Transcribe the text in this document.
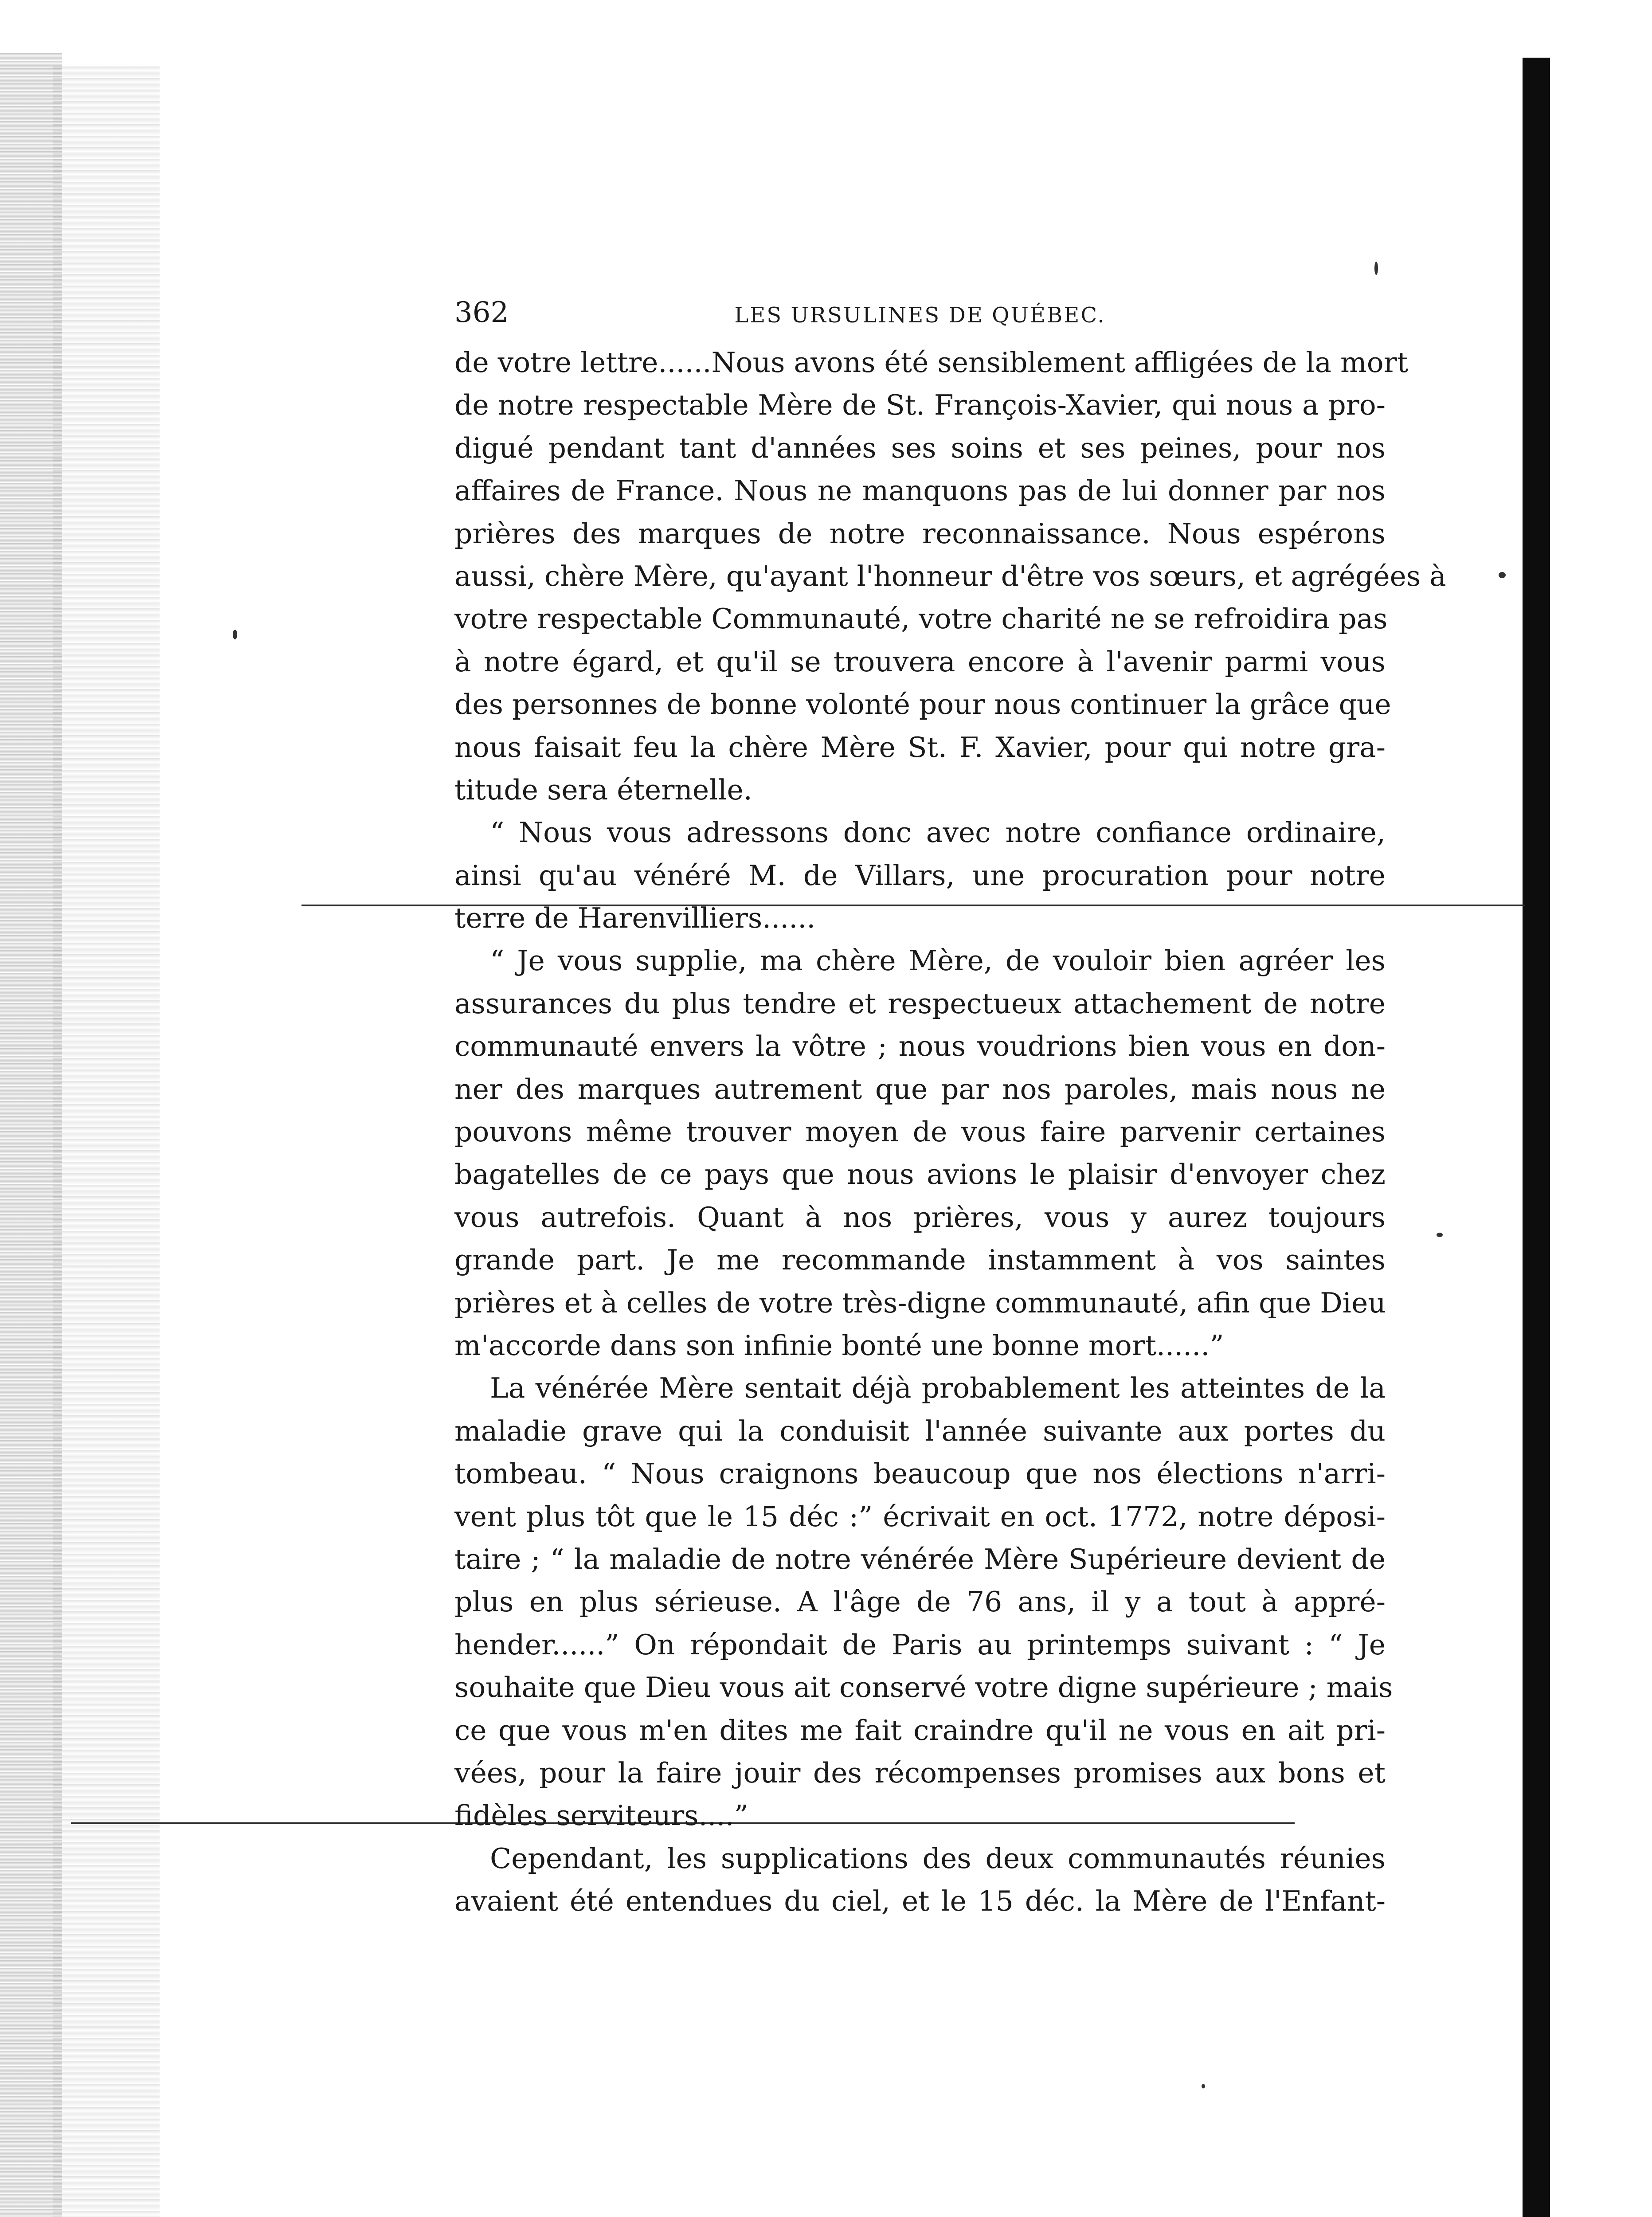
362	LES URSULINES DE QUÉBEC.
de votre lettre......Nous avons été sensiblement affligées de la mort
de notre respectable Mère de St. François-Xavier, qui nous a pro-
digué pendant tant d'années ses soins et ses peines, pour nos
affaires de France. Nous ne manquons pas de lui donner par nos
prières des marques de notre reconnaissance. Nous espérons
aussi, chère Mère, qu'ayant l'honneur d'être vos sœurs, et agrégées à
votre respectable Communauté, votre charité ne se refroidira pas
à notre égard, et qu'il se trouvera encore à l'avenir parmi vous
des personnes de bonne volonté pour nous continuer la grâce que
nous faisait feu la chère Mère St. F. Xavier, pour qui notre gra-
titude sera éternelle.
“ Nous vous adressons donc avec notre confiance ordinaire,
ainsi qu'au vénéré M. de Villars, une procuration pour notre
terre de Harenvilliers......
“ Je vous supplie, ma chère Mère, de vouloir bien agréer les
assurances du plus tendre et respectueux attachement de notre
communauté envers la vôtre ; nous voudrions bien vous en don-
ner des marques autrement que par nos paroles, mais nous ne
pouvons même trouver moyen de vous faire parvenir certaines
bagatelles de ce pays que nous avions le plaisir d'envoyer chez
vous autrefois. Quant à nos prières, vous y aurez toujours
grande part. Je me recommande instamment à vos saintes
prières et à celles de votre très-digne communauté, afin que Dieu
m'accorde dans son infinie bonté une bonne mort......”
La vénérée Mère sentait déjà probablement les atteintes de la
maladie grave qui la conduisit l'année suivante aux portes du
tombeau. “ Nous craignons beaucoup que nos élections n'arri-
vent plus tôt que le 15 déc :” écrivait en oct. 1772, notre déposi-
taire ; “ la maladie de notre vénérée Mère Supérieure devient de
plus en plus sérieuse. A l'âge de 76 ans, il y a tout à appré-
hender......” On répondait de Paris au printemps suivant : “ Je
souhaite que Dieu vous ait conservé votre digne supérieure ; mais
ce que vous m'en dites me fait craindre qu'il ne vous en ait pri-
vées, pour la faire jouir des récompenses promises aux bons et
fidèles serviteurs....”
Cependant, les supplications des deux communautés réunies
avaient été entendues du ciel, et le 15 déc. la Mère de l'Enfant-
